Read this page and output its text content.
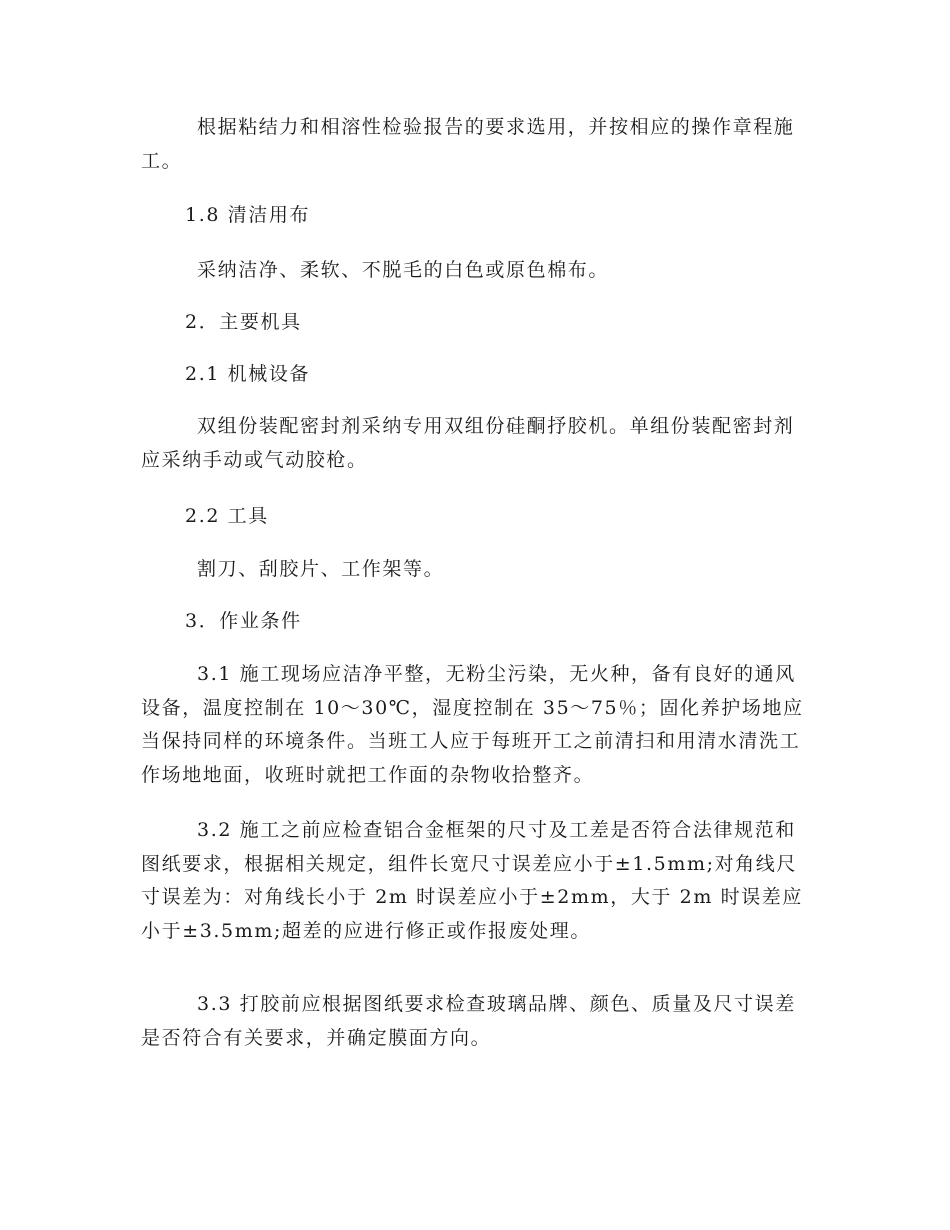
根据粘结力和相溶性检验报告的要求选用，并按相应的操作章程施工。

1.8 清洁用布

采纳洁净、柔软、不脱毛的白色或原色棉布。

2．主要机具

2.1 机械设备

双组份装配密封剂采纳专用双组份硅酮抒胶机。单组份装配密封剂应采纳手动或气动胶枪。

2.2 工具

割刀、刮胶片、工作架等。

3．作业条件

3.1 施工现场应洁净平整，无粉尘污染，无火种，备有良好的通风设备，温度控制在 10～30℃，湿度控制在 35～75％；固化养护场地应当保持同样的环境条件。当班工人应于每班开工之前清扫和用清水清洗工作场地地面，收班时就把工作面的杂物收拾整齐。

3.2 施工之前应检查铝合金框架的尺寸及工差是否符合法律规范和图纸要求，根据相关规定，组件长宽尺寸误差应小于±1.5mm;对角线尺寸误差为：对角线长小于 2m 时误差应小于±2mm，大于 2m 时误差应小于±3.5mm;超差的应进行修正或作报废处理。

3.3 打胶前应根据图纸要求检查玻璃品牌、颜色、质量及尺寸误差是否符合有关要求，并确定膜面方向。
